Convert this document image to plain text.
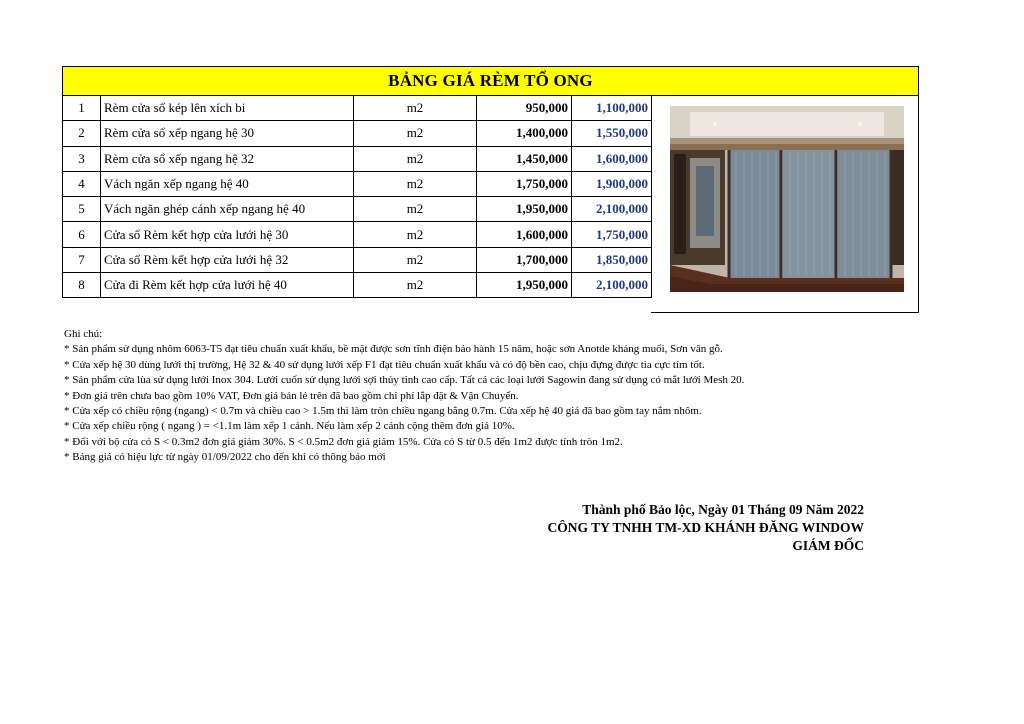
BẢNG GIÁ RÈM TỔ ONG
1	Rèm cửa sổ kép lên xích bi	m2	950,000	1,100,000
2	Rèm cửa sổ xếp ngang hệ 30	m2	1,400,000	1,550,000
3	Rèm cửa sổ xếp ngang hệ 32	m2	1,450,000	1,600,000
4	Vách ngăn xếp ngang hệ 40	m2	1,750,000	1,900,000
5	Vách ngăn ghép cánh xếp ngang hệ 40	m2	1,950,000	2,100,000
6	Cửa sổ Rèm kết hợp cửa lưới hệ 30	m2	1,600,000	1,750,000
7	Cửa sổ Rèm kết hợp cửa lưới hệ 32	m2	1,700,000	1,850,000
8	Cửa đi Rèm kết hợp cửa lưới hệ 40	m2	1,950,000	2,100,000
Ghi chú:
* Sản phẩm sử dụng nhôm 6063-T5 đạt tiêu chuẩn xuất khẩu, bề mặt được sơn tĩnh điện bảo hành 15 năm, hoặc sơn Anotde kháng muối, Sơn vân gỗ.
* Cửa xếp hệ 30 dùng lưới thị trường, Hệ 32 & 40 sử dụng lưới xếp F1 đạt tiêu chuẩn xuất khẩu và có độ bền cao, chịu đựng được tia cực tím tốt.
* Sản phẩm cửa lùa sử dụng lưới Inox 304. Lưới cuốn sử dụng lưới sợi thủy tinh cao cấp. Tất cả các loại lưới Sagowin đang sử dụng có mắt lưới Mesh 20.
* Đơn giá trên chưa bao gồm 10% VAT, Đơn giá bán lẻ trên đã bao gồm chi phí lắp đặt & Vận Chuyển.
* Cửa xếp có chiều rộng (ngang) < 0.7m và chiều cao > 1.5m thì làm tròn chiều ngang bằng 0.7m. Cửa xếp hệ 40 giá đã bao gồm tay nắm nhôm.
* Cửa xếp chiều rộng ( ngang ) = <1.1m làm xếp 1 cánh. Nếu làm xếp 2 cánh cộng thêm đơn giá 10%.
* Đối với bộ cửa có S < 0.3m2 đơn giá giảm 30%. S < 0.5m2 đơn giá giảm 15%. Cửa có S từ 0.5 đến 1m2 được tính tròn 1m2.
* Bảng giá có hiệu lực từ ngày 01/09/2022 cho đến khi có thông báo mới
Thành phố Bảo lộc, Ngày 01 Tháng 09 Năm 2022
CÔNG TY TNHH TM-XD KHÁNH ĐĂNG WINDOW
GIÁM ĐỐC
